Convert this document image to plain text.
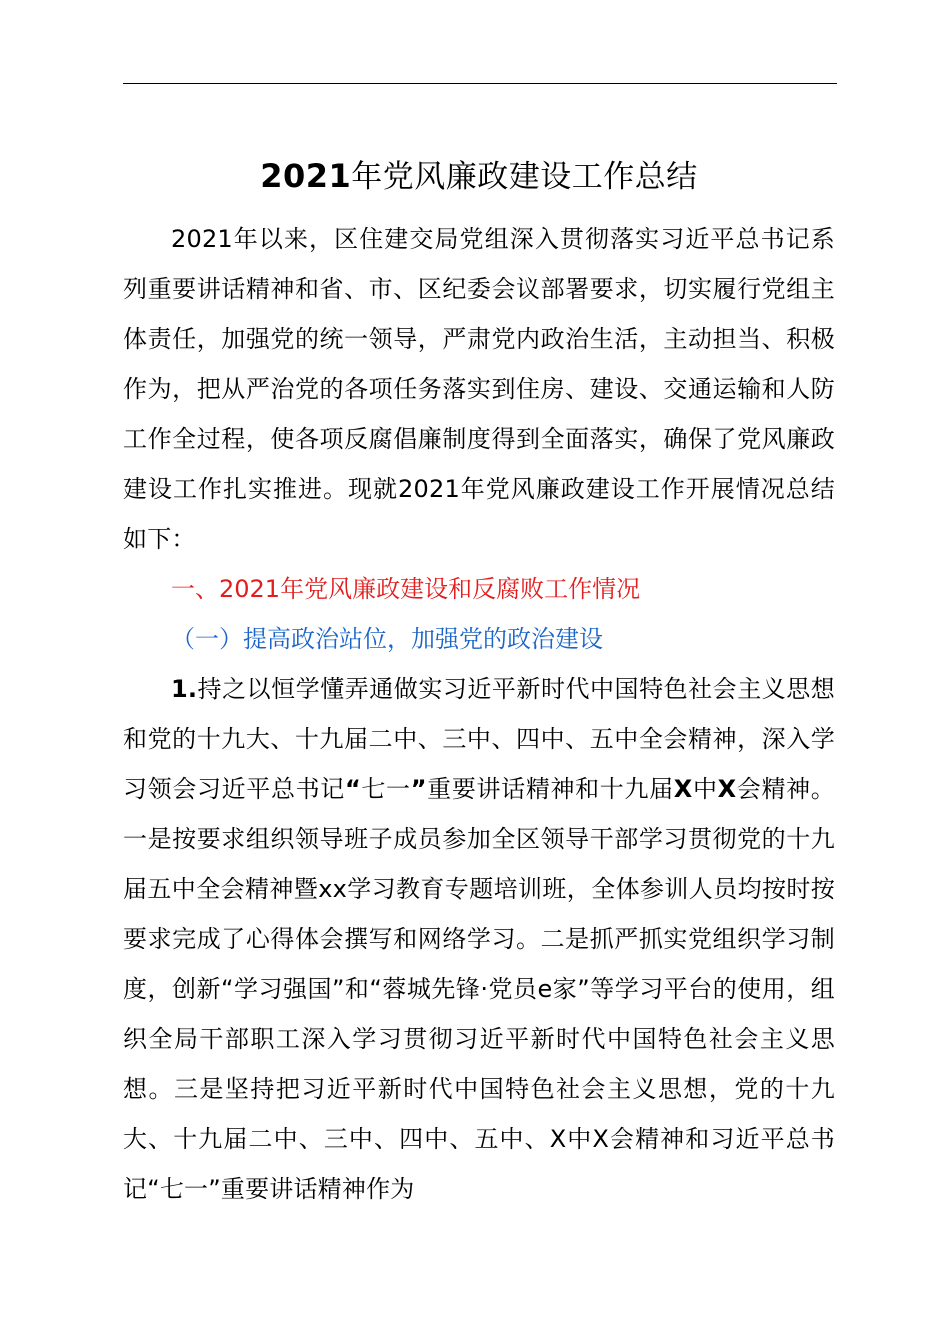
2021年党风廉政建设工作总结

2021年以来，区住建交局党组深入贯彻落实习近平总书记系列重要讲话精神和省、市、区纪委会议部署要求，切实履行党组主体责任，加强党的统一领导，严肃党内政治生活，主动担当、积极作为，把从严治党的各项任务落实到住房、建设、交通运输和人防工作全过程，使各项反腐倡廉制度得到全面落实，确保了党风廉政建设工作扎实推进。现就2021年党风廉政建设工作开展情况总结如下：

一、2021年党风廉政建设和反腐败工作情况

（一）提高政治站位，加强党的政治建设

1.持之以恒学懂弄通做实习近平新时代中国特色社会主义思想和党的十九大、十九届二中、三中、四中、五中全会精神，深入学习领会习近平总书记“七一”重要讲话精神和十九届X中X会精神。一是按要求组织领导班子成员参加全区领导干部学习贯彻党的十九届五中全会精神暨xx学习教育专题培训班，全体参训人员均按时按要求完成了心得体会撰写和网络学习。二是抓严抓实党组织学习制度，创新“学习强国”和“蓉城先锋·党员e家”等学习平台的使用，组织全局干部职工深入学习贯彻习近平新时代中国特色社会主义思想。三是坚持把习近平新时代中国特色社会主义思想，党的十九大、十九届二中、三中、四中、五中、X中X会精神和习近平总书记“七一”重要讲话精神作为
